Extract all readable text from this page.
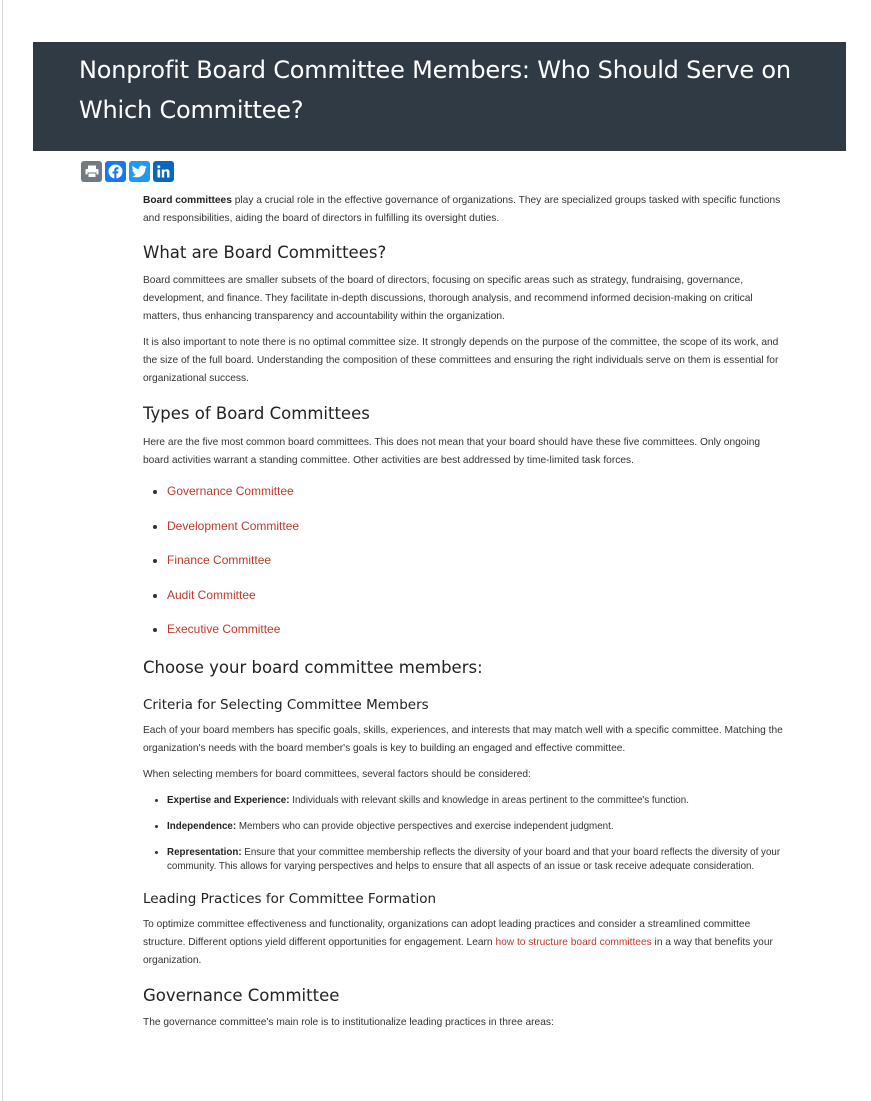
Nonprofit Board Committee Members: Who Should Serve on Which Committee?

Board committees play a crucial role in the effective governance of organizations. They are specialized groups tasked with specific functions and responsibilities, aiding the board of directors in fulfilling its oversight duties.

What are Board Committees?

Board committees are smaller subsets of the board of directors, focusing on specific areas such as strategy, fundraising, governance, development, and finance. They facilitate in-depth discussions, thorough analysis, and recommend informed decision-making on critical matters, thus enhancing transparency and accountability within the organization.

It is also important to note there is no optimal committee size. It strongly depends on the purpose of the committee, the scope of its work, and the size of the full board. Understanding the composition of these committees and ensuring the right individuals serve on them is essential for organizational success.

Types of Board Committees

Here are the five most common board committees. This does not mean that your board should have these five committees. Only ongoing board activities warrant a standing committee. Other activities are best addressed by time-limited task forces.

• Governance Committee
• Development Committee
• Finance Committee
• Audit Committee
• Executive Committee
Choose your board committee members:
Criteria for Selecting Committee Members

Each of your board members has specific goals, skills, experiences, and interests that may match well with a specific committee. Matching the organization's needs with the board member's goals is key to building an engaged and effective committee.

When selecting members for board committees, several factors should be considered:

• Expertise and Experience: Individuals with relevant skills and knowledge in areas pertinent to the committee's function.
• Independence: Members who can provide objective perspectives and exercise independent judgment.
• Representation: Ensure that your committee membership reflects the diversity of your board and that your board reflects the diversity of your community. This allows for varying perspectives and helps to ensure that all aspects of an issue or task receive adequate consideration.
Leading Practices for Committee Formation

To optimize committee effectiveness and functionality, organizations can adopt leading practices and consider a streamlined committee structure. Different options yield different opportunities for engagement. Learn how to structure board committees in a way that benefits your organization.

Governance Committee

The governance committee's main role is to institutionalize leading practices in three areas:
